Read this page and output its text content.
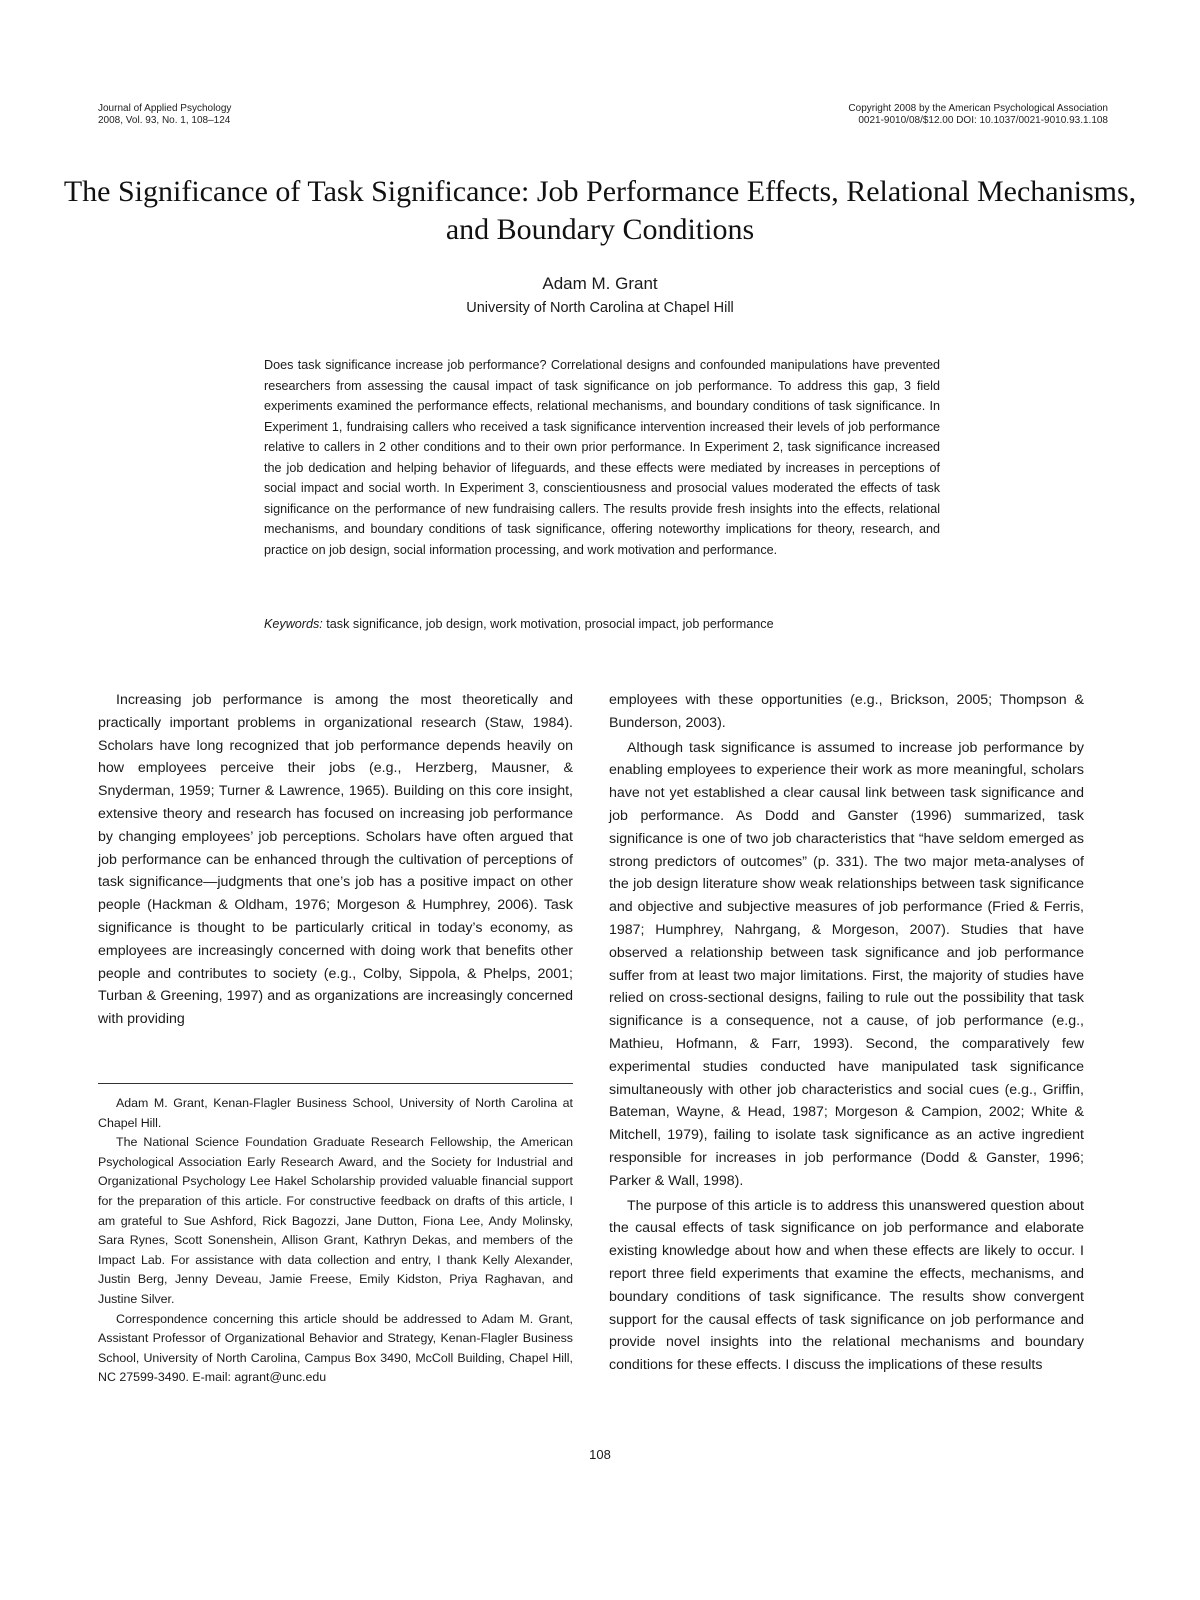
Journal of Applied Psychology
2008, Vol. 93, No. 1, 108–124
Copyright 2008 by the American Psychological Association
0021-9010/08/$12.00 DOI: 10.1037/0021-9010.93.1.108
The Significance of Task Significance: Job Performance Effects, Relational Mechanisms, and Boundary Conditions
Adam M. Grant
University of North Carolina at Chapel Hill

Does task significance increase job performance? Correlational designs and confounded manipulations have prevented researchers from assessing the causal impact of task significance on job performance. To address this gap, 3 field experiments examined the performance effects, relational mechanisms, and boundary conditions of task significance. In Experiment 1, fundraising callers who received a task significance intervention increased their levels of job performance relative to callers in 2 other conditions and to their own prior performance. In Experiment 2, task significance increased the job dedication and helping behavior of lifeguards, and these effects were mediated by increases in perceptions of social impact and social worth. In Experiment 3, conscientiousness and prosocial values moderated the effects of task significance on the performance of new fundraising callers. The results provide fresh insights into the effects, relational mechanisms, and boundary conditions of task significance, offering noteworthy implications for theory, research, and practice on job design, social information processing, and work motivation and performance.

Keywords: task significance, job design, work motivation, prosocial impact, job performance

Increasing job performance is among the most theoretically and practically important problems in organizational research (Staw, 1984). Scholars have long recognized that job performance depends heavily on how employees perceive their jobs (e.g., Herzberg, Mausner, & Snyderman, 1959; Turner & Lawrence, 1965). Building on this core insight, extensive theory and research has focused on increasing job performance by changing employees’ job perceptions. Scholars have often argued that job performance can be enhanced through the cultivation of perceptions of task significance—judgments that one’s job has a positive impact on other people (Hackman & Oldham, 1976; Morgeson & Humphrey, 2006). Task significance is thought to be particularly critical in today’s economy, as employees are increasingly concerned with doing work that benefits other people and contributes to society (e.g., Colby, Sippola, & Phelps, 2001; Turban & Greening, 1997) and as organizations are increasingly concerned with providing

Adam M. Grant, Kenan-Flagler Business School, University of North Carolina at Chapel Hill.

The National Science Foundation Graduate Research Fellowship, the American Psychological Association Early Research Award, and the Society for Industrial and Organizational Psychology Lee Hakel Scholarship provided valuable financial support for the preparation of this article. For constructive feedback on drafts of this article, I am grateful to Sue Ashford, Rick Bagozzi, Jane Dutton, Fiona Lee, Andy Molinsky, Sara Rynes, Scott Sonenshein, Allison Grant, Kathryn Dekas, and members of the Impact Lab. For assistance with data collection and entry, I thank Kelly Alexander, Justin Berg, Jenny Deveau, Jamie Freese, Emily Kidston, Priya Raghavan, and Justine Silver.

Correspondence concerning this article should be addressed to Adam M. Grant, Assistant Professor of Organizational Behavior and Strategy, Kenan-Flagler Business School, University of North Carolina, Campus Box 3490, McColl Building, Chapel Hill, NC 27599-3490. E-mail: agrant@unc.edu

employees with these opportunities (e.g., Brickson, 2005; Thompson & Bunderson, 2003).

Although task significance is assumed to increase job performance by enabling employees to experience their work as more meaningful, scholars have not yet established a clear causal link between task significance and job performance. As Dodd and Ganster (1996) summarized, task significance is one of two job characteristics that “have seldom emerged as strong predictors of outcomes” (p. 331). The two major meta-analyses of the job design literature show weak relationships between task significance and objective and subjective measures of job performance (Fried & Ferris, 1987; Humphrey, Nahrgang, & Morgeson, 2007). Studies that have observed a relationship between task significance and job performance suffer from at least two major limitations. First, the majority of studies have relied on cross-sectional designs, failing to rule out the possibility that task significance is a consequence, not a cause, of job performance (e.g., Mathieu, Hofmann, & Farr, 1993). Second, the comparatively few experimental studies conducted have manipulated task significance simultaneously with other job characteristics and social cues (e.g., Griffin, Bateman, Wayne, & Head, 1987; Morgeson & Campion, 2002; White & Mitchell, 1979), failing to isolate task significance as an active ingredient responsible for increases in job performance (Dodd & Ganster, 1996; Parker & Wall, 1998).

The purpose of this article is to address this unanswered question about the causal effects of task significance on job performance and elaborate existing knowledge about how and when these effects are likely to occur. I report three field experiments that examine the effects, mechanisms, and boundary conditions of task significance. The results show convergent support for the causal effects of task significance on job performance and provide novel insights into the relational mechanisms and boundary conditions for these effects. I discuss the implications of these results

108
